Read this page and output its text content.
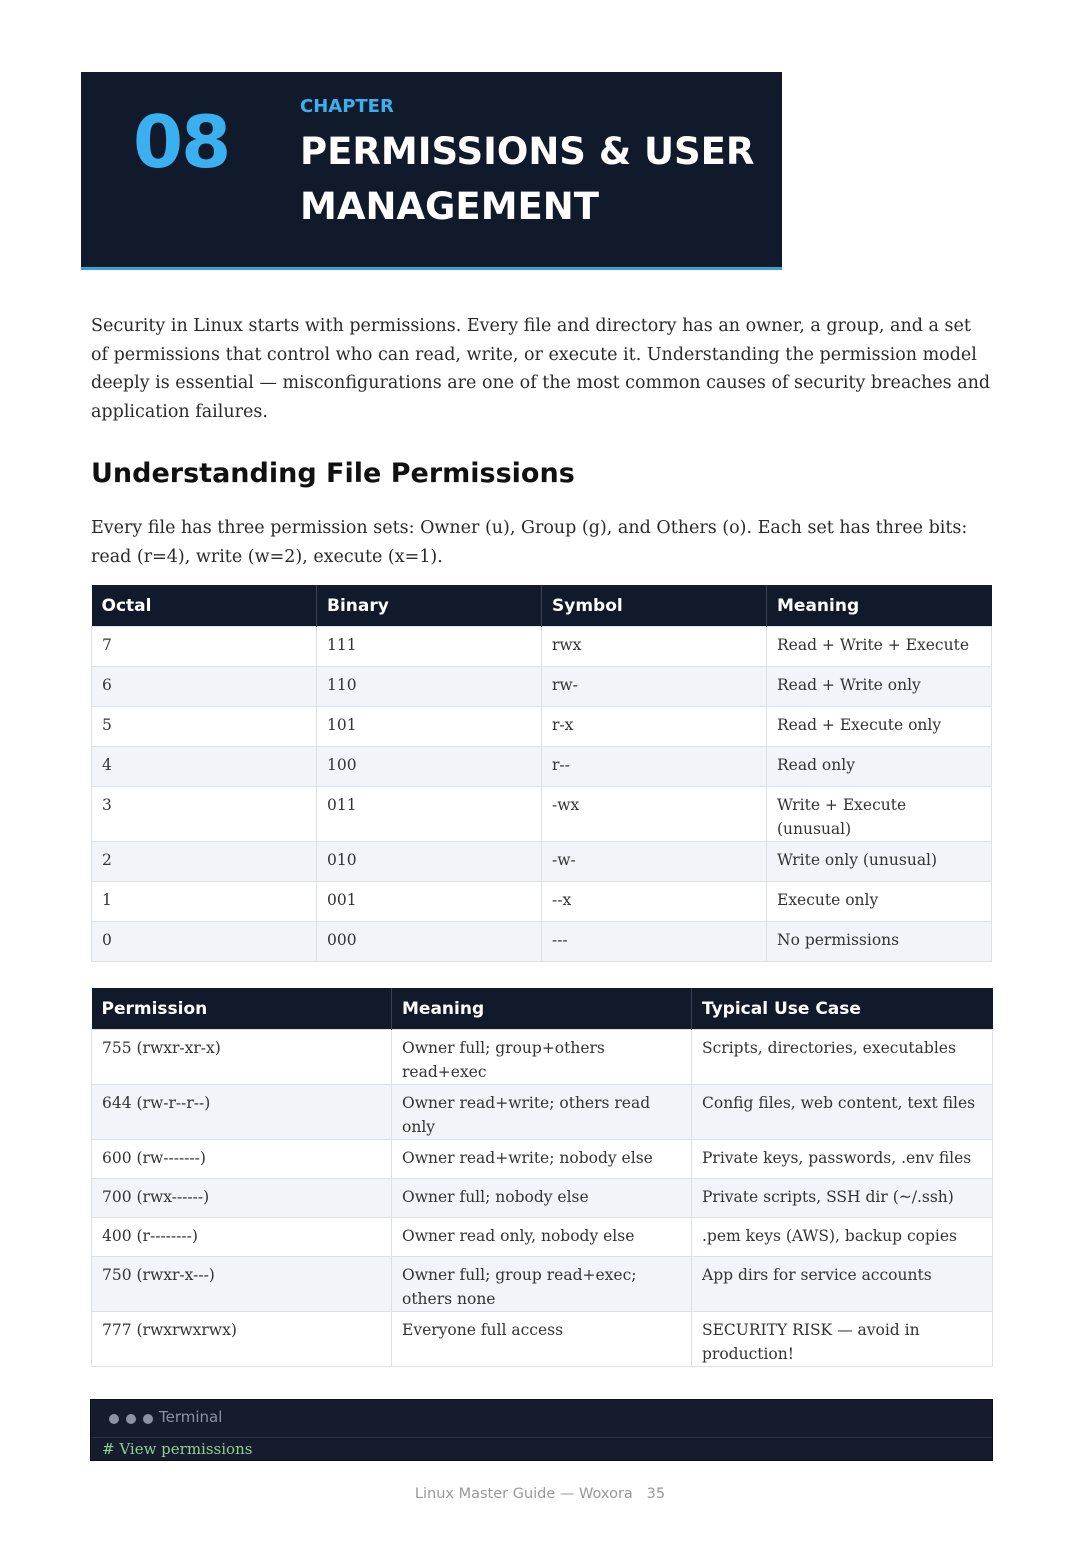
08	CHAPTER
PERMISSIONS & USER MANAGEMENT

Security in Linux starts with permissions. Every file and directory has an owner, a group, and a set of permissions that control who can read, write, or execute it. Understanding the permission model deeply is essential — misconfigurations are one of the most common causes of security breaches and application failures.

Understanding File Permissions

Every file has three permission sets: Owner (u), Group (g), and Others (o). Each set has three bits: read (r=4), write (w=2), execute (x=1).

Octal	Binary	Symbol	Meaning
7	111	rwx	Read + Write + Execute
6	110	rw-	Read + Write only
5	101	r-x	Read + Execute only
4	100	r--	Read only
3	011	-wx	Write + Execute (unusual)
2	010	-w-	Write only (unusual)
1	001	--x	Execute only
0	000	---	No permissions
Permission	Meaning	Typical Use Case
755 (rwxr-xr-x)	Owner full; group+others read+exec	Scripts, directories, executables
644 (rw-r--r--)	Owner read+write; others read only	Config files, web content, text files
600 (rw-------)	Owner read+write; nobody else	Private keys, passwords, .env files
700 (rwx------)	Owner full; nobody else	Private scripts, SSH dir (~/.ssh)
400 (r--------)	Owner read only, nobody else	.pem keys (AWS), backup copies
750 (rwxr-x---)	Owner full; group read+exec; others none	App dirs for service accounts
777 (rwxrwxrwx)	Everyone full access	SECURITY RISK — avoid in production!
Terminal
# View permissions
Linux Master Guide — Woxora 35
